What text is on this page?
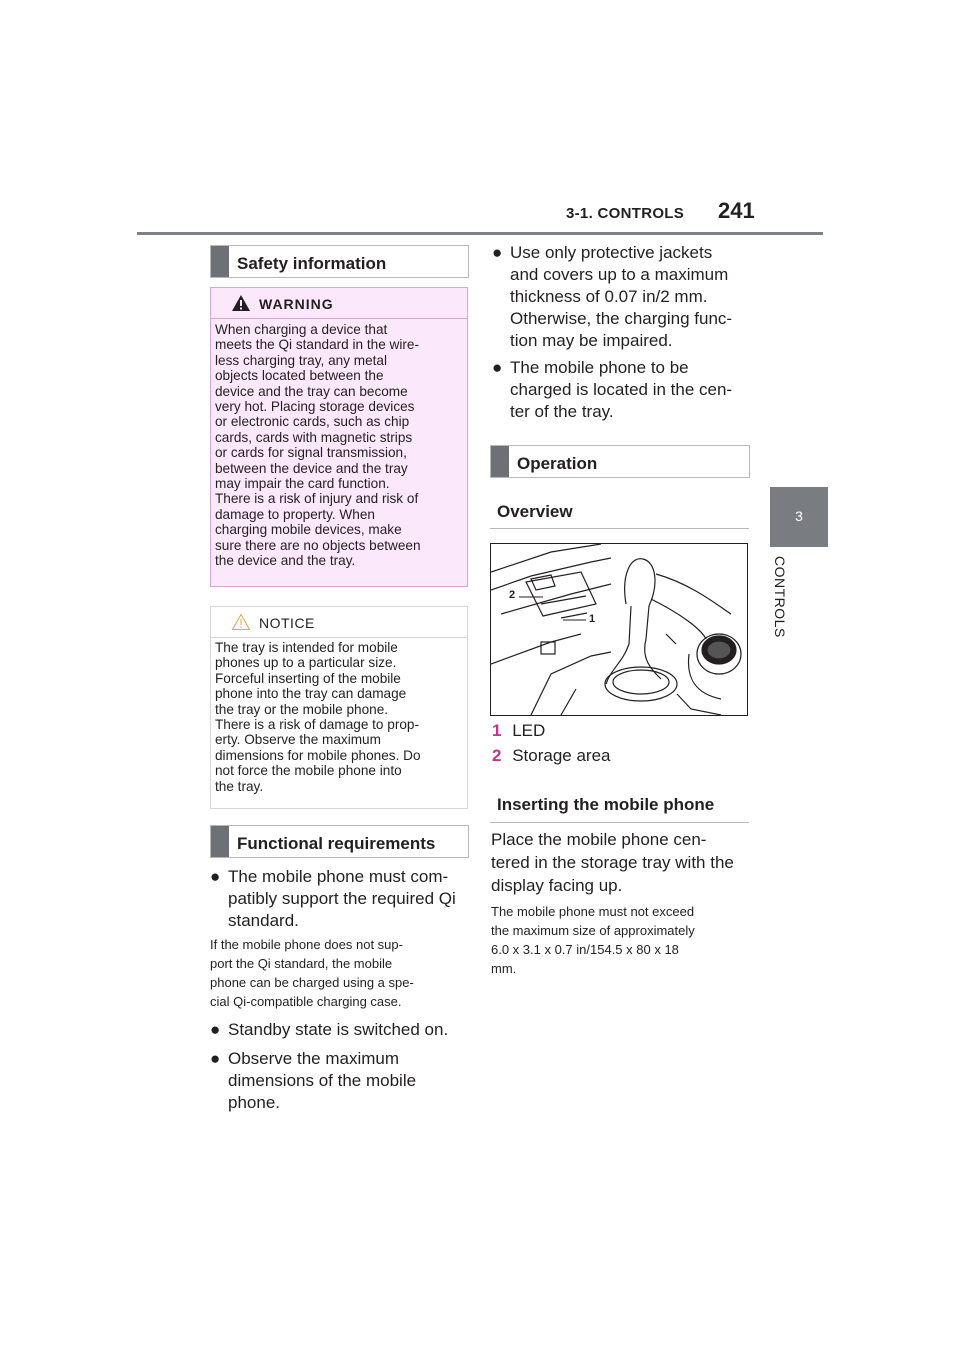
3-1. CONTROLS 241
3
CONTROLS
Safety information
WARNING
When charging a device that
meets the Qi standard in the wire-
less charging tray, any metal
objects located between the
device and the tray can become
very hot. Placing storage devices
or electronic cards, such as chip
cards, cards with magnetic strips
or cards for signal transmission,
between the device and the tray
may impair the card function.
There is a risk of injury and risk of
damage to property. When
charging mobile devices, make
sure there are no objects between
the device and the tray.
NOTICE
The tray is intended for mobile
phones up to a particular size.
Forceful inserting of the mobile
phone into the tray can damage
the tray or the mobile phone.
There is a risk of damage to prop-
erty. Observe the maximum
dimensions for mobile phones. Do
not force the mobile phone into
the tray.
Functional requirements
● The mobile phone must com-
patibly support the required Qi
standard.
If the mobile phone does not sup-
port the Qi standard, the mobile
phone can be charged using a spe-
cial Qi-compatible charging case.
● Standby state is switched on.
● Observe the maximum
dimensions of the mobile
phone.
● Use only protective jackets
and covers up to a maximum
thickness of 0.07 in/2 mm.
Otherwise, the charging func-
tion may be impaired.
● The mobile phone to be
charged is located in the cen-
ter of the tray.
Operation
Overview
2
1
1 LED
2 Storage area
Inserting the mobile phone
Place the mobile phone cen-
tered in the storage tray with the
display facing up.
The mobile phone must not exceed
the maximum size of approximately
6.0 x 3.1 x 0.7 in/154.5 x 80 x 18
mm.
